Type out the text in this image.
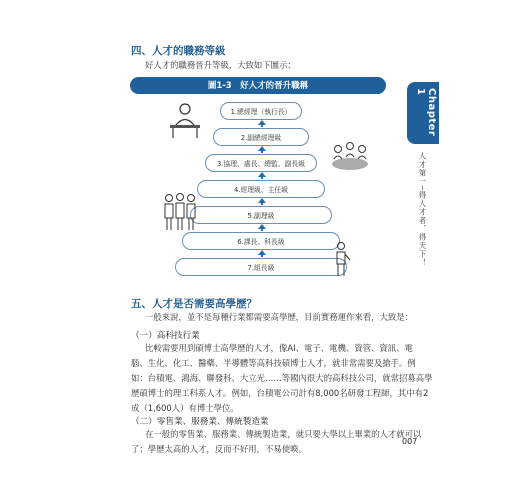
四、人才的職務等級
好人才的職務晉升等級，大致如下圖示：
圖1-3　好人才的晉升職稱
1.總經理（執行長）
2.副總經理級
3.協理、處長、總監、副長級
4.經理級、主任級
5.副理級
6.課長、科長級
7.組長級
五、人才是否需要高學歷？
一般來說，並不是每種行業都需要高學歷，目前實務運作來看，大致是：
（一）高科技行業
比較需要用到碩博士高學歷的人才，像AI、電子、電機、資管、資訊、電
腦、生化、化工、醫藥、半導體等高科技碩博士人才，就非常需要及搶手。例
如：台積電、鴻海、聯發科、大立光……等國內很大的高科技公司，就常招募高學
歷碩博士的理工科系人才。例如，台積電公司計有8,000名研發工程師，其中有2
成（1,600人）有博士學位。
（二）零售業、服務業、傳統製造業
在一般的零售業、服務業、傳統製造業，就只要大學以上畢業的人才就可以
了；學歷太高的人才，反而不好用，不易使喚。
Chapter 1
人才第一─得人才者，得天下！
007
